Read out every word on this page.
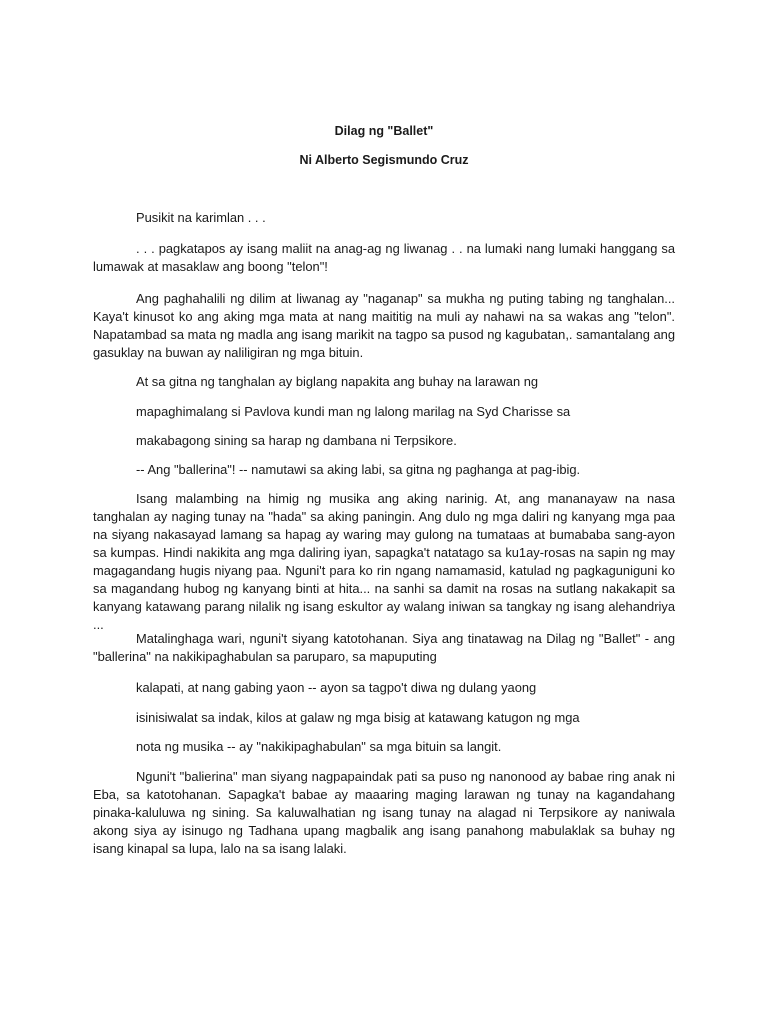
Dilag ng "Ballet"
Ni Alberto Segismundo Cruz

Pusikit na karimlan . . .

. . . pagkatapos ay isang maliit na anag-ag ng liwanag . . na lumaki nang lumaki hanggang sa lumawak at masaklaw ang boong "telon"!

Ang paghahalili ng dilim at liwanag ay "naganap" sa mukha ng puting tabing ng tanghalan... Kaya't kinusot ko ang aking mga mata at nang maititig na muli ay nahawi na sa wakas ang "telon". Napatambad sa mata ng madla ang isang marikit na tagpo sa pusod ng kagubatan,. samantalang ang gasuklay na buwan ay naliligiran ng mga bituin.

At sa gitna ng tanghalan ay biglang napakita ang buhay na larawan ng

mapaghimalang si Pavlova kundi man ng lalong marilag na Syd Charisse sa

makabagong sining sa harap ng dambana ni Terpsikore.

-- Ang "ballerina"! -- namutawi sa aking labi, sa gitna ng paghanga at pag-ibig.

Isang malambing na himig ng musika ang aking narinig. At, ang mananayaw na nasa tanghalan ay naging tunay na "hada" sa aking paningin. Ang dulo ng mga daliri ng kanyang mga paa na siyang nakasayad lamang sa hapag ay waring may gulong na tumataas at bumababa sang-ayon sa kumpas. Hindi nakikita ang mga daliring iyan, sapagka't natatago sa ku1ay-rosas na sapin ng may magagandang hugis niyang paa. Nguni't para ko rin ngang namamasid, katulad ng pagkaguniguni ko sa magandang hubog ng kanyang binti at hita... na sanhi sa damit na rosas na sutlang nakakapit sa kanyang katawang parang nilalik ng isang eskultor ay walang iniwan sa tangkay ng isang alehandriya ...

Matalinghaga wari, nguni't siyang katotohanan. Siya ang tinatawag na Dilag ng "Ballet" - ang "ballerina" na nakikipaghabulan sa paruparo, sa mapuputing

kalapati, at nang gabing yaon -- ayon sa tagpo't diwa ng dulang yaong

isinisiwalat sa indak, kilos at galaw ng mga bisig at katawang katugon ng mga

nota ng musika -- ay "nakikipaghabulan" sa mga bituin sa langit.

Nguni't "balierina" man siyang nagpapaindak pati sa puso ng nanonood ay babae ring anak ni Eba, sa katotohanan. Sapagka't babae ay maaaring maging larawan ng tunay na kagandahang pinaka-kaluluwa ng sining. Sa kaluwalhatian ng isang tunay na alagad ni Terpsikore ay naniwala akong siya ay isinugo ng Tadhana upang magbalik ang isang panahong mabulaklak sa buhay ng isang kinapal sa lupa, lalo na sa isang lalaki.
